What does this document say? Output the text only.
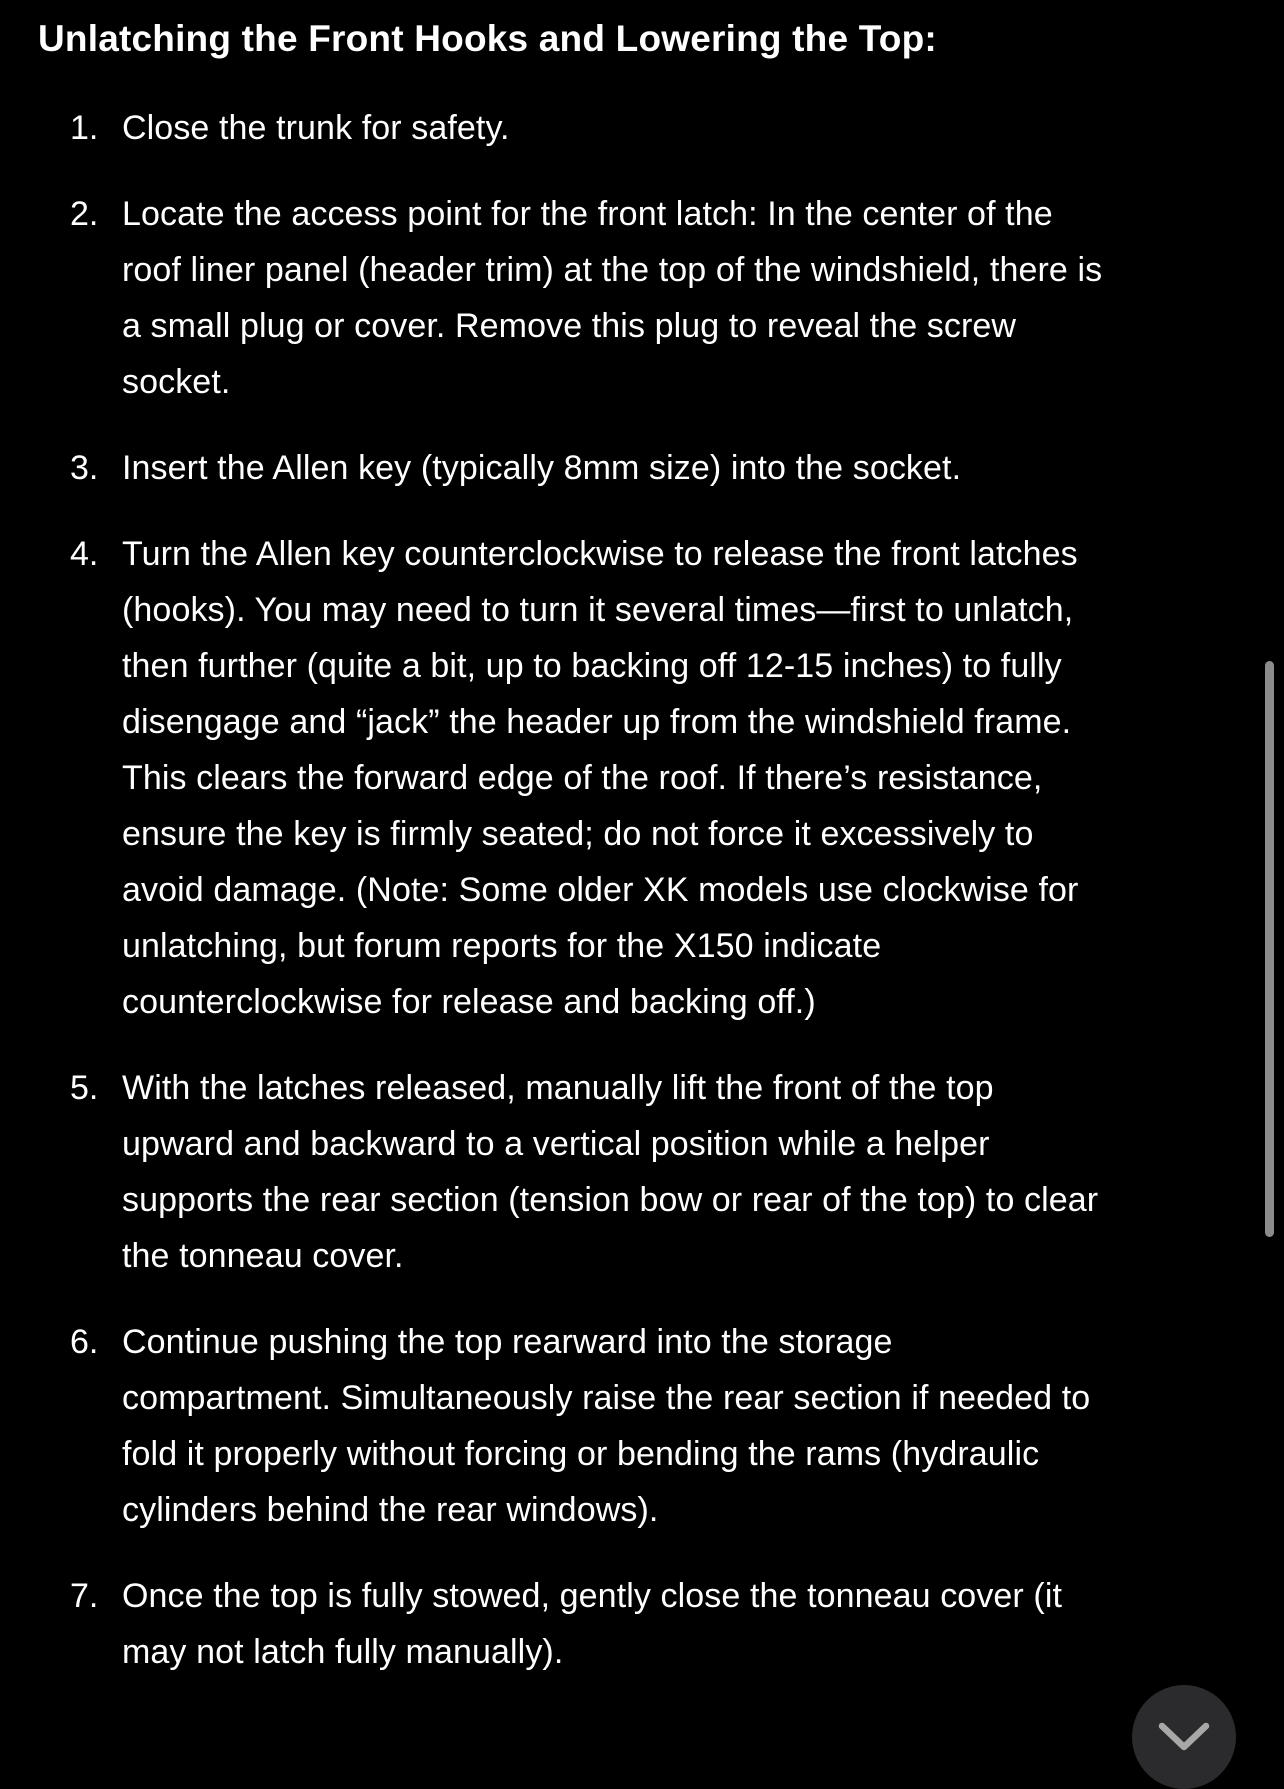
Unlatching the Front Hooks and Lowering the Top:
1. Close the trunk for safety.
2. Locate the access point for the front latch: In the center of the roof liner panel (header trim) at the top of the windshield, there is a small plug or cover. Remove this plug to reveal the screw socket.
3. Insert the Allen key (typically 8mm size) into the socket.
4. Turn the Allen key counterclockwise to release the front latches (hooks). You may need to turn it several times—first to unlatch, then further (quite a bit, up to backing off 12-15 inches) to fully disengage and “jack” the header up from the windshield frame. This clears the forward edge of the roof. If there’s resistance, ensure the key is firmly seated; do not force it excessively to avoid damage. (Note: Some older XK models use clockwise for unlatching, but forum reports for the X150 indicate counterclockwise for release and backing off.)
5. With the latches released, manually lift the front of the top upward and backward to a vertical position while a helper supports the rear section (tension bow or rear of the top) to clear the tonneau cover.
6. Continue pushing the top rearward into the storage compartment. Simultaneously raise the rear section if needed to fold it properly without forcing or bending the rams (hydraulic cylinders behind the rear windows).
7. Once the top is fully stowed, gently close the tonneau cover (it may not latch fully manually).
